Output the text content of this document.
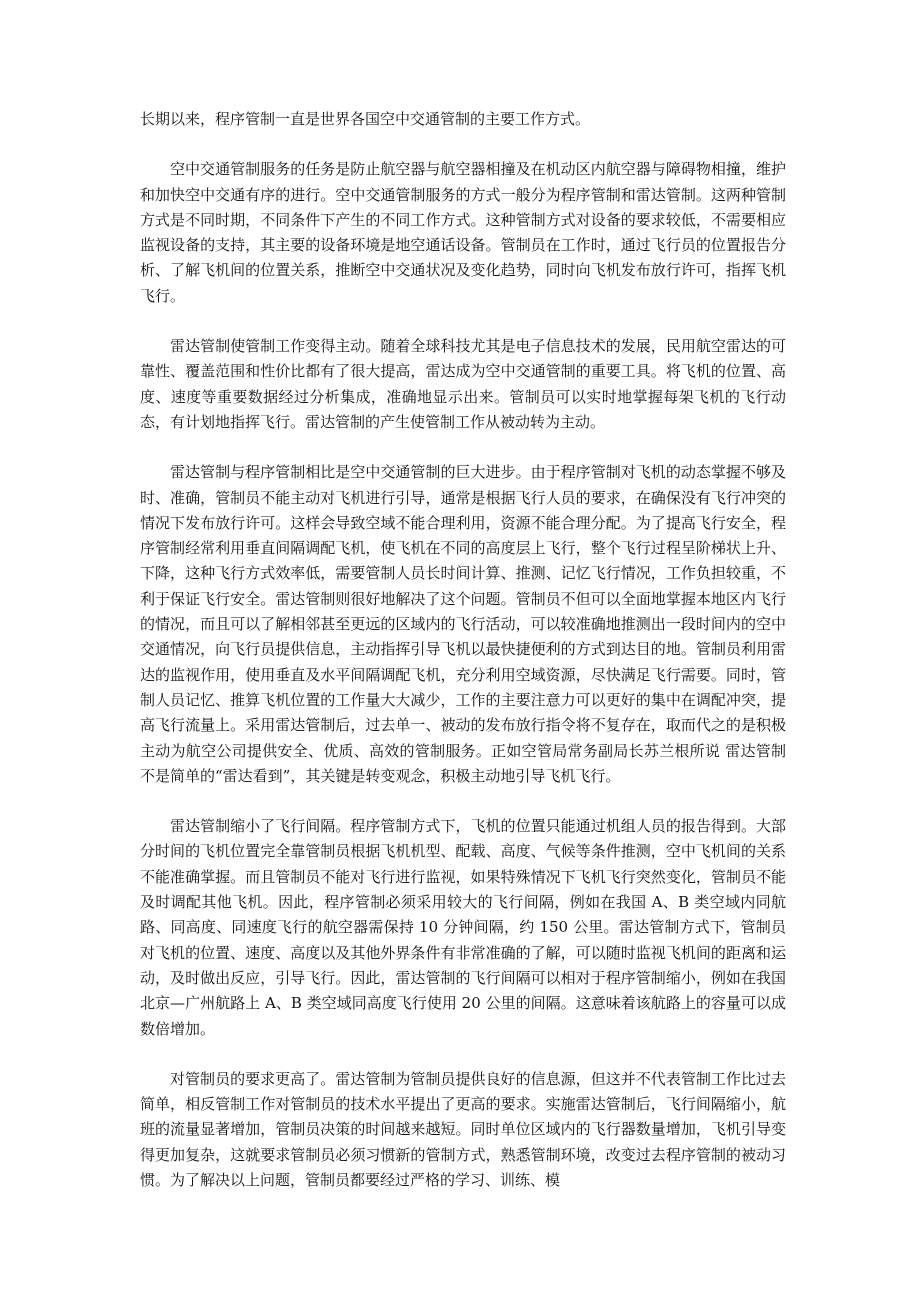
长期以来，程序管制一直是世界各国空中交通管制的主要工作方式。

空中交通管制服务的任务是防止航空器与航空器相撞及在机动区内航空器与障碍物相撞，维护和加快空中交通有序的进行。空中交通管制服务的方式一般分为程序管制和雷达管制。这两种管制方式是不同时期，不同条件下产生的不同工作方式。这种管制方式对设备的要求较低，不需要相应监视设备的支持，其主要的设备环境是地空通话设备。管制员在工作时，通过飞行员的位置报告分析、了解飞机间的位置关系，推断空中交通状况及变化趋势，同时向飞机发布放行许可，指挥飞机飞行。

雷达管制使管制工作变得主动。随着全球科技尤其是电子信息技术的发展，民用航空雷达的可靠性、覆盖范围和性价比都有了很大提高，雷达成为空中交通管制的重要工具。将飞机的位置、高度、速度等重要数据经过分析集成，准确地显示出来。管制员可以实时地掌握每架飞机的飞行动态，有计划地指挥飞行。雷达管制的产生使管制工作从被动转为主动。

雷达管制与程序管制相比是空中交通管制的巨大进步。由于程序管制对飞机的动态掌握不够及时、准确，管制员不能主动对飞机进行引导，通常是根据飞行人员的要求，在确保没有飞行冲突的情况下发布放行许可。这样会导致空域不能合理利用，资源不能合理分配。为了提高飞行安全，程序管制经常利用垂直间隔调配飞机，使飞机在不同的高度层上飞行，整个飞行过程呈阶梯状上升、下降，这种飞行方式效率低，需要管制人员长时间计算、推测、记忆飞行情况，工作负担较重，不利于保证飞行安全。雷达管制则很好地解决了这个问题。管制员不但可以全面地掌握本地区内飞行的情况，而且可以了解相邻甚至更远的区域内的飞行活动，可以较准确地推测出一段时间内的空中交通情况，向飞行员提供信息，主动指挥引导飞机以最快捷便利的方式到达目的地。管制员利用雷达的监视作用，使用垂直及水平间隔调配飞机，充分利用空域资源，尽快满足飞行需要。同时，管制人员记忆、推算飞机位置的工作量大大减少，工作的主要注意力可以更好的集中在调配冲突，提高飞行流量上。采用雷达管制后，过去单一、被动的发布放行指令将不复存在，取而代之的是积极主动为航空公司提供安全、优质、高效的管制服务。正如空管局常务副局长苏兰根所说 雷达管制不是简单的“雷达看到”，其关键是转变观念，积极主动地引导飞机飞行。

雷达管制缩小了飞行间隔。程序管制方式下，飞机的位置只能通过机组人员的报告得到。大部分时间的飞机位置完全靠管制员根据飞机机型、配载、高度、气候等条件推测，空中飞机间的关系不能准确掌握。而且管制员不能对飞行进行监视，如果特殊情况下飞机飞行突然变化，管制员不能及时调配其他飞机。因此，程序管制必须采用较大的飞行间隔，例如在我国 A、B 类空域内同航路、同高度、同速度飞行的航空器需保持 10 分钟间隔，约 150 公里。雷达管制方式下，管制员对飞机的位置、速度、高度以及其他外界条件有非常准确的了解，可以随时监视飞机间的距离和运动，及时做出反应，引导飞行。因此，雷达管制的飞行间隔可以相对于程序管制缩小，例如在我国北京—广州航路上 A、B 类空域同高度飞行使用 20 公里的间隔。这意味着该航路上的容量可以成数倍增加。

对管制员的要求更高了。雷达管制为管制员提供良好的信息源，但这并不代表管制工作比过去简单，相反管制工作对管制员的技术水平提出了更高的要求。实施雷达管制后，飞行间隔缩小，航班的流量显著增加，管制员决策的时间越来越短。同时单位区域内的飞行器数量增加，飞机引导变得更加复杂，这就要求管制员必须习惯新的管制方式，熟悉管制环境，改变过去程序管制的被动习惯。为了解决以上问题，管制员都要经过严格的学习、训练、模
